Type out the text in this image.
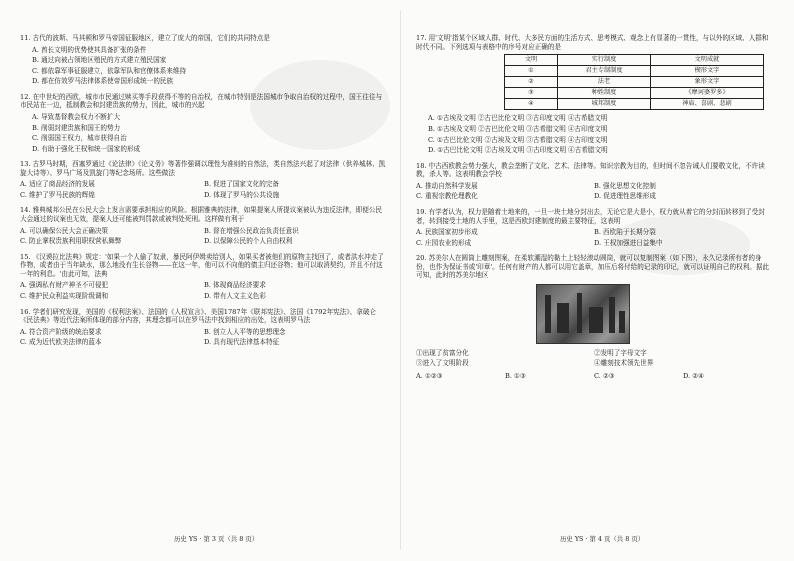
11. 古代的波斯、马其顿和罗马帝国征服地区，建立了庞大的帝国，它们的共同特点是
A. 酋长文明的优势使其具备扩张的条件
B. 通过向被占领地区殖民的方式建立殖民国家
C. 都依靠军事征服建立，依靠军队和官僚体系来维持
D. 都在仿效罗马法律体系使帝国形成统一的民族
12. 在中世纪的西欧，城市市民通过赎买等手段获得不等的自治权，在城市特别是法国城市争取自治权的过程中，国王往往与市民站在一边，抵制教会和封建贵族的势力，因此，城市的兴起
A. 导致基督教会权力不断扩大
B. 削弱封建贵族和国王的势力
C. 削弱国王权力，城市获得自治
D. 有助于强化王权和统一国家的形成
13. 古罗马时期，西塞罗通过《论法律》《论义务》等著作强调以理性为准则的自然法，类自然法兴起了对法律（供养城林、凯旋大诗等）、罗马广场及凯旋门等纪念场所。这些做法
A. 适应了商品经济的发展	B. 促进了国家文化的完备
C. 维护了罗马民族的辉煌	D. 体现了罗马的公共设施
14. 雅典城邦公民在公民大会上发言需要承担相应的风险。根据雅典的法律，如果提案人所提议案被认为违反法律，即便公民大会通过的议案也无效，提案人还可能被判罚款或被判处死刑。这样做有利于
A. 可以确保公民大会正确决策	B. 督在增强公民政治负责任意识
C. 防止掌权贵族利用职权营私舞弊	D. 以保障公民的个人自由权利
15. 《汉谟拉比法典》规定：'如果一个人偷了奴隶，暴民阿伊姆卖给别人，如果买者被他们的原物主找回了，或者洪水冲走了作物，或者由于当年缺水，那么地没有生长谷物——在这一年，他可以不向他的债主归还谷物；他可以取消契约，并且不付这一年的利息。'由此可知，法典
A. 强调私有财产神圣不可侵犯	B. 体现商品经济要求
C. 维护民众利益实现阶级调和	D. 带有人文主义色彩
16. 学者们研究发现，美国的《权利法案》、法国的《人权宣言》、美国1787年《联邦宪法》、法国《1792年宪法》、拿破仑《民法典》等近代法案所体现的部分内容，其理念都可以在罗马法中找到相应的出处，这表明罗马法
A. 符合资产阶级的统治要求	B. 创立人人平等的思想理念
C. 成为近代欧美法律的蓝本	D. 具有现代法律基本特征
17. 用'文明'指某个区域人群、时代、大多民方面的生活方式、思考模式、观念上有显著的一贯性，与以外的区域、人群和时代不同。下列选项与表格中的序号对应正确的是
文明	实行制度	文明成就
①	君主专制制度	楔形文字
②	法老	象形文字
③	种姓制度	《摩诃婆罗多》
④	城邦制度	神庙、喜剧、悲剧
A. ①古埃及文明 ②古巴比伦文明 ③古印度文明 ④古希腊文明
B. ①古埃及文明 ②古巴比伦文明 ③古希腊文明 ④古印度文明
C. ①古巴比伦文明 ②古埃及文明 ③古希腊文明 ④古印度文明
D. ①古巴比伦文明 ②古埃及文明 ③古印度文明 ④古希腊文明
18. 中古西欧教会势力强大，教会垄断了文化、艺术、法律等。知识宗教为目的，但时间不忽告诫人们要敬文化，不许读教，杀人等。这表明教会学校
A. 推动自然科学发展	B. 强化思想文化控制
C. 重视宗教伦理教化	D. 促进理性思维形成
19. 有学者认为，权力是随着土地来的，一旦一块土地分封出去，无论它是大是小，权力就从着它的分封而转移到了受封者，转到接受土地的人手里，这是西欧封建制度的最主要特征，这表明
A. 民族国家初步形成	B. 西欧陷于长期分裂
C. 庄园农业的形成	D. 王权加强进日益集中
20. 苏美尔人在圆筒上雕刻图案，在柔软潮湿的黏土上轻轻滚动圆筒，就可以复制图案（如下图），永久记录所有者的身份，也作为保证书或'印章'。任何有财产的人都可以用它盖章，加压后将付给的记录的印记，就可以证明自己的权利。据此可知，此时的苏美尔地区
①出现了贫富分化	②发明了字母文字
③进入了文明阶段	④雕刻技术领先世界
A. ①②③	B. ①③	C. ②③	D. ②④
历史 YS · 第 3 页（共 8 页）	历史 YS · 第 4 页（共 8 页）
